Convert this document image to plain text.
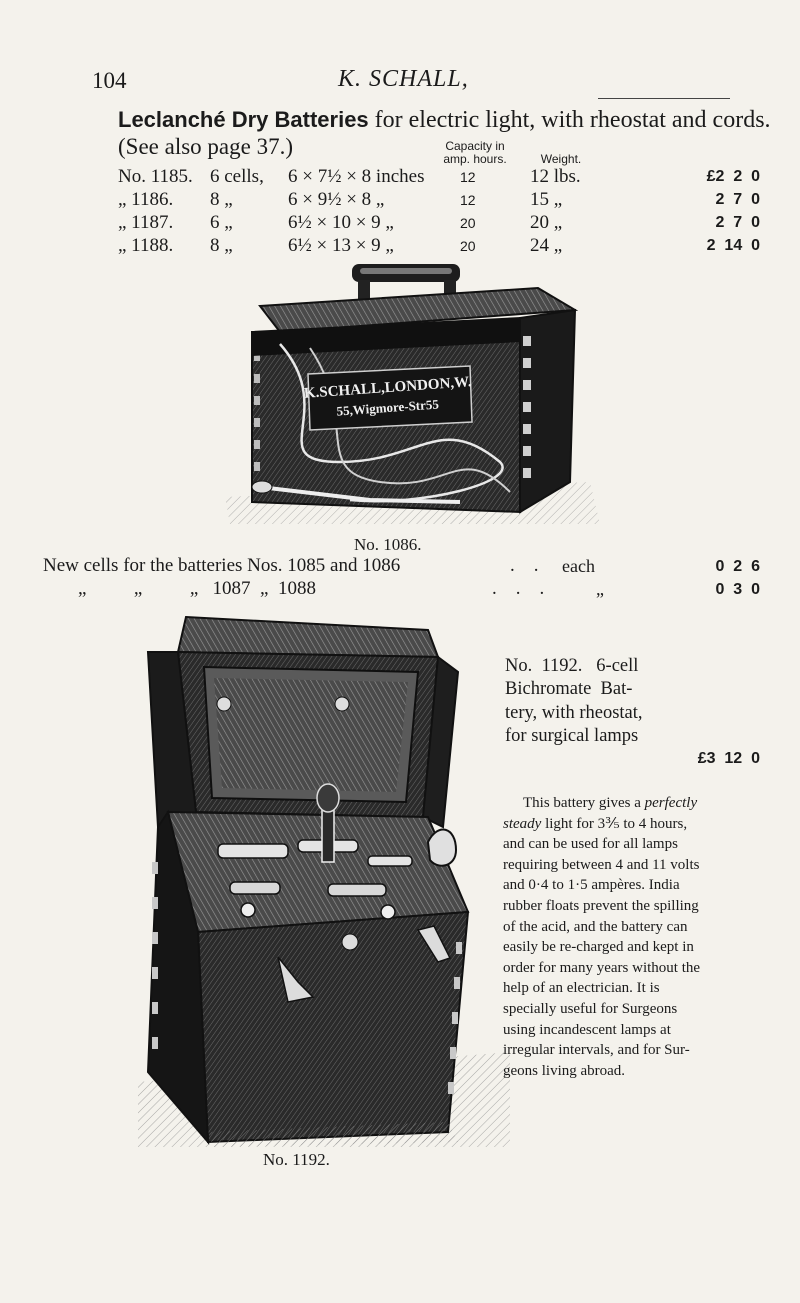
104	K. SCHALL,
Leclanché Dry Batteries for electric light, with rheostat and cords.
(See also page 37.)	Capacity in
amp. hours.	Weight.
No. 1185. 6 cells, 6 × 7½ × 8 inches	12	12 lbs.	£2  2  0
„ 1186. 8 „	6 × 9½ × 8 „	12	15 „	2  7  0
„ 1187. 6 „	6½ × 10 × 9 „	20	20 „	2  7  0
„ 1188. 8 „	6½ × 13 × 9 „	20	24 „	2  14  0
K.SCHALL,LONDON,W.
55,Wigmore-Str55
No. 1086.
New cells for the batteries Nos. 1085 and 1086	.    . each	0  2  6
„          „          „   1087  „  1088	.    .    .	„	0  3  0
No. 1192.
No.  1192.   6-cell
Bichromate  Bat-
tery, with rheostat,
for surgical lamps
£3  12  0
This battery gives a perfectly
steady light for 3⅗ to 4 hours,
and can be used for all lamps
requiring between 4 and 11 volts
and 0·4 to 1·5 ampères. India
rubber floats prevent the spilling
of the acid, and the battery can
easily be re-charged and kept in
order for many years without the
help of an electrician. It is
specially useful for Surgeons
using incandescent lamps at
irregular intervals, and for Sur-
geons living abroad.
